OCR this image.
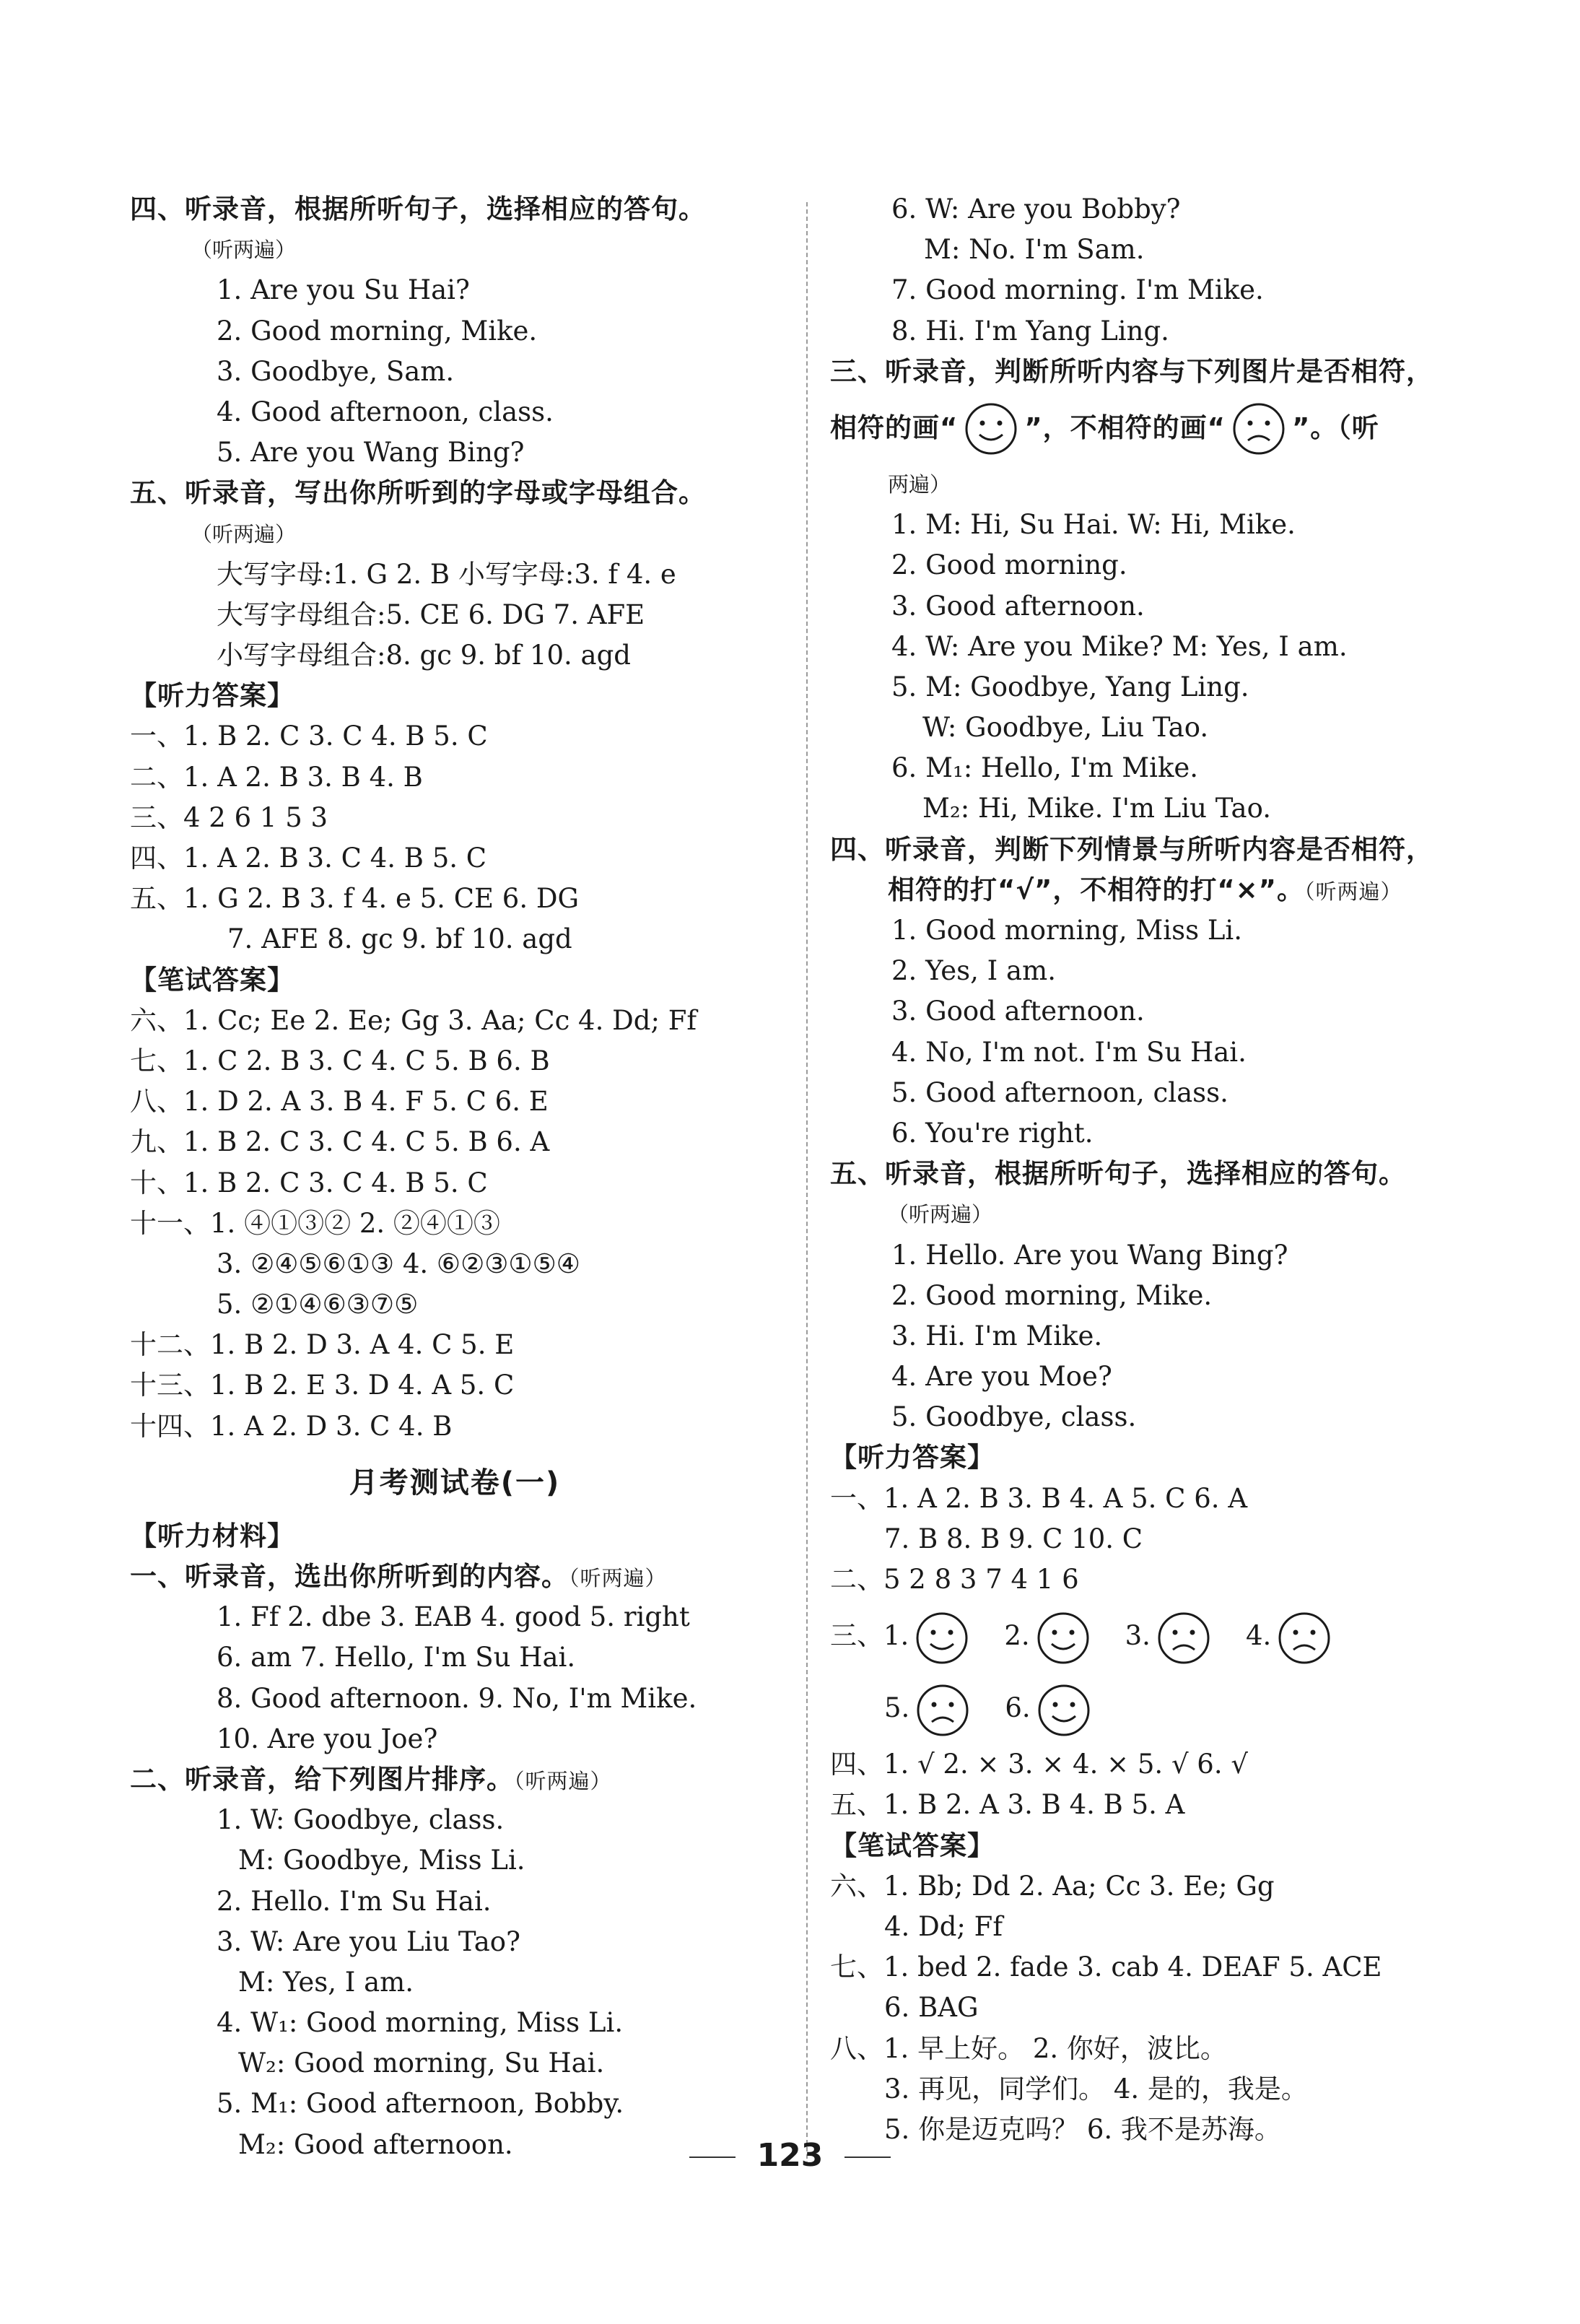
四、听录音，根据所听句子，选择相应的答句。
（听两遍）
1. Are you Su Hai?
2. Good morning, Mike.
3. Goodbye, Sam.
4. Good afternoon, class.
5. Are you Wang Bing?
五、听录音，写出你所听到的字母或字母组合。
（听两遍）
大写字母:1. G 2. B 小写字母:3. f 4. e
大写字母组合:5. CE 6. DG 7. AFE
小写字母组合:8. gc 9. bf 10. agd
【听力答案】
一、1. B 2. C 3. C 4. B 5. C
二、1. A 2. B 3. B 4. B
三、4 2 6 1 5 3
四、1. A 2. B 3. C 4. B 5. C
五、1. G 2. B 3. f 4. e 5. CE 6. DG
7. AFE 8. gc 9. bf 10. agd
【笔试答案】
六、1. Cc; Ee 2. Ee; Gg 3. Aa; Cc 4. Dd; Ff
七、1. C 2. B 3. C 4. C 5. B 6. B
八、1. D 2. A 3. B 4. F 5. C 6. E
九、1. B 2. C 3. C 4. C 5. B 6. A
十、1. B 2. C 3. C 4. B 5. C
十一、1. ④①③② 2. ②④①③
3. ②④⑤⑥①③ 4. ⑥②③①⑤④
5. ②①④⑥③⑦⑤
十二、1. B 2. D 3. A 4. C 5. E
十三、1. B 2. E 3. D 4. A 5. C
十四、1. A 2. D 3. C 4. B
月考测试卷(一)
【听力材料】
一、听录音，选出你所听到的内容。（听两遍）
1. Ff 2. dbe 3. EAB 4. good 5. right
6. am 7. Hello, I'm Su Hai.
8. Good afternoon. 9. No, I'm Mike.
10. Are you Joe?
二、听录音，给下列图片排序。（听两遍）
1. W: Goodbye, class.
M: Goodbye, Miss Li.
2. Hello. I'm Su Hai.
3. W: Are you Liu Tao?
M: Yes, I am.
4. W₁: Good morning, Miss Li.
W₂: Good morning, Su Hai.
5. M₁: Good afternoon, Bobby.
M₂: Good afternoon.
6. W: Are you Bobby?
M: No. I'm Sam.
7. Good morning. I'm Mike.
8. Hi. I'm Yang Ling.
三、听录音，判断所听内容与下列图片是否相符，
相符的画“ ”，不相符的画“ ”。（听
两遍）
1. M: Hi, Su Hai. W: Hi, Mike.
2. Good morning.
3. Good afternoon.
4. W: Are you Mike? M: Yes, I am.
5. M: Goodbye, Yang Ling.
W: Goodbye, Liu Tao.
6. M₁: Hello, I'm Mike.
M₂: Hi, Mike. I'm Liu Tao.
四、听录音，判断下列情景与所听内容是否相符，
相符的打“√”，不相符的打“×”。（听两遍）
1. Good morning, Miss Li.
2. Yes, I am.
3. Good afternoon.
4. No, I'm not. I'm Su Hai.
5. Good afternoon, class.
6. You're right.
五、听录音，根据所听句子，选择相应的答句。
（听两遍）
1. Hello. Are you Wang Bing?
2. Good morning, Mike.
3. Hi. I'm Mike.
4. Are you Moe?
5. Goodbye, class.
【听力答案】
一、1. A 2. B 3. B 4. A 5. C 6. A
7. B 8. B 9. C 10. C
二、5 2 8 3 7 4 1 6
三、1.	2.	3.	4.
5.	6.
四、1. √ 2. × 3. × 4. × 5. √ 6. √
五、1. B 2. A 3. B 4. B 5. A
【笔试答案】
六、1. Bb; Dd 2. Aa; Cc 3. Ee; Gg
4. Dd; Ff
七、1. bed 2. fade 3. cab 4. DEAF 5. ACE
6. BAG
八、1. 早上好。 2. 你好，波比。
3. 再见，同学们。 4. 是的，我是。
5. 你是迈克吗？ 6. 我不是苏海。
123
